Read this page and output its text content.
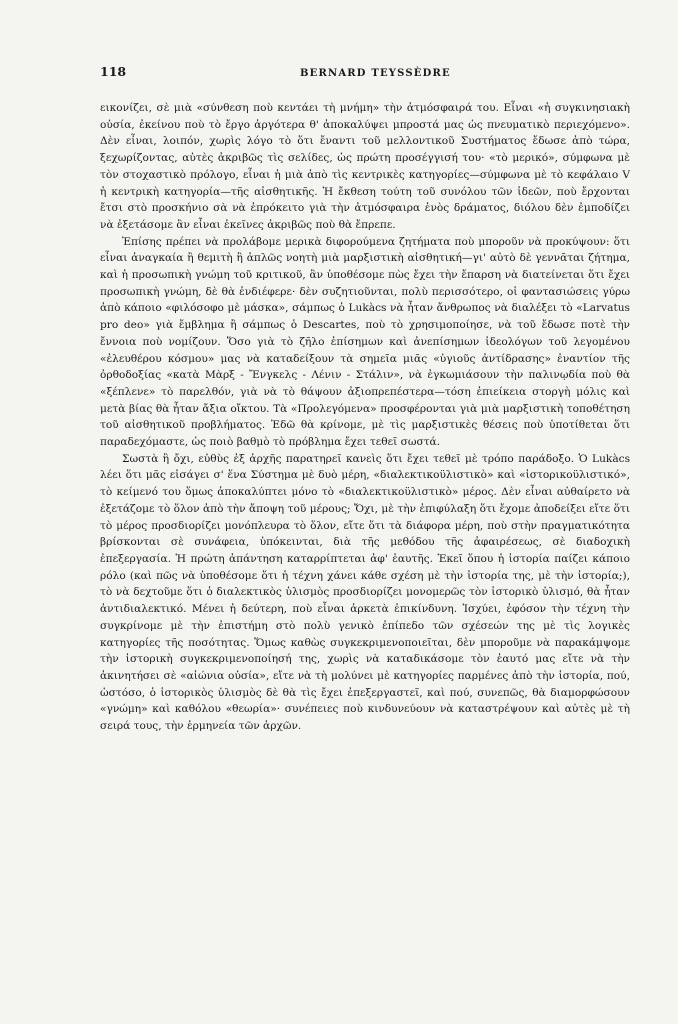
118	BERNARD TEYSSÈDRE

εικονίζει, σὲ μιὰ «σύνθεση ποὺ κεντάει τὴ μνήμη» τὴν ἀτμόσφαιρά του. Εἶναι «ἡ συγκινησιακὴ οὐσία, ἐκείνου ποὺ τὸ ἔργο ἀργότερα θ' ἀποκαλύψει μπροστά μας ὡς πνευματικὸ περιεχόμενο». Δὲν εἶναι, λοιπόν, χωρὶς λόγο τὸ ὅτι ἔναντι τοῦ μελλοντικοῦ Συστήματος ἔδωσε ἀπὸ τώρα, ξεχωρίζοντας, αὐτὲς ἀκριβῶς τὶς σελίδες, ὡς πρώτη προσέγγισή του· «τὸ μερικό», σύμφωνα μὲ τὸν στοχαστικὸ πρόλογο, εἶναι ἡ μιὰ ἀπὸ τὶς κεντρικὲς κατηγορίες—σύμφωνα μὲ τὸ κεφάλαιο V ἡ κεντρικὴ κατηγορία—τῆς αἰσθητικῆς. Ἡ ἔκθεση τούτη τοῦ συνόλου τῶν ἰδεῶν, ποὺ ἔρχονται ἔτσι στὸ προσκήνιο σὰ νὰ ἐπρόκειτο γιὰ τὴν ἀτμόσφαιρα ἑνὸς δράματος, διόλου δὲν ἐμποδίζει νὰ ἐξετάσομε ἂν εἶναι ἐκεῖνες ἀκριβῶς ποὺ θὰ ἔπρεπε.

Ἐπίσης πρέπει νὰ προλάβομε μερικὰ διφορούμενα ζητήματα ποὺ μποροῦν νὰ προκύψουν: ὅτι εἶναι ἀναγκαία ἢ θεμιτὴ ἢ ἁπλῶς νοητὴ μιὰ μαρξιστικὴ αἰσθητική—γι' αὐτὸ δὲ γεννᾶται ζήτημα, καὶ ἡ προσωπικὴ γνώμη τοῦ κριτικοῦ, ἂν ὑποθέσομε πὼς ἔχει τὴν ἔπαρση νὰ διατείνεται ὅτι ἔχει προσωπικὴ γνώμη, δὲ θὰ ἐνδιέφερε· δὲν συζητιοῦνται, πολὺ περισσότερο, οἱ φαντασιώσεις γύρω ἀπὸ κάποιο «φιλόσοφο μὲ μάσκα», σάμπως ὁ Lukàcs νὰ ἦταν ἄνθρωπος νὰ διαλέξει τὸ «Larvatus pro deo» γιὰ ἔμβλημα ἢ σάμπως ὁ Descartes, ποὺ τὸ χρησιμοποίησε, νὰ τοῦ ἔδωσε ποτὲ τὴν ἔννοια ποὺ νομίζουν. Ὅσο γιὰ τὸ ζῆλο ἐπίσημων καὶ ἀνεπίσημων ἰδεολόγων τοῦ λεγομένου «ἐλευθέρου κόσμου» μας νὰ καταδείξουν τὰ σημεῖα μιᾶς «ὑγιοῦς ἀντίδρασης» ἐναντίον τῆς ὀρθοδοξίας «κατὰ Μὰρξ - Ἔνγκελς - Λένιν - Στάλιν», νὰ ἐγκωμιάσουν τὴν παλινῳδία ποὺ θὰ «ξέπλενε» τὸ παρελθόν, γιὰ νὰ τὸ θάψουν ἀξιοπρεπέστερα—τόση ἐπιείκεια στοργὴ μόλις καὶ μετὰ βίας θὰ ἦταν ἄξια οἴκτου. Τὰ «Προλεγόμενα» προσφέρονται γιὰ μιὰ μαρξιστικὴ τοποθέτηση τοῦ αἰσθητικοῦ προβλήματος. Ἐδῶ θὰ κρίνομε, μὲ τὶς μαρξιστικὲς θέσεις ποὺ ὑποτίθεται ὅτι παραδεχόμαστε, ὡς ποιὸ βαθμὸ τὸ πρόβλημα ἔχει τεθεῖ σωστά.

Σωστὰ ἢ ὄχι, εὐθὺς ἐξ ἀρχῆς παρατηρεῖ κανεὶς ὅτι ἔχει τεθεῖ μὲ τρόπο παράδοξο. Ὁ Lukàcs λέει ὅτι μᾶς εἰσάγει σ' ἕνα Σύστημα μὲ δυὸ μέρη, «διαλεκτικοϋλιστικὸ» καὶ «ἱστορικοϋλιστικό», τὸ κείμενό του ὅμως ἀποκαλύπτει μόνο τὸ «διαλεκτικοϋλιστικὸ» μέρος. Δὲν εἶναι αὐθαίρετο νὰ ἐξετάζομε τὸ ὅλον ἀπὸ τὴν ἄποψη τοῦ μέρους; Ὄχι, μὲ τὴν ἐπιφύλαξη ὅτι ἔχομε ἀποδείξει εἴτε ὅτι τὸ μέρος προσδιορίζει μονόπλευρα τὸ ὅλον, εἴτε ὅτι τὰ διάφορα μέρη, ποὺ στὴν πραγματικότητα βρίσκονται σὲ συνάφεια, ὑπόκεινται, διὰ τῆς μεθόδου τῆς ἀφαιρέσεως, σὲ διαδοχικὴ ἐπεξεργασία. Ἡ πρώτη ἀπάντηση καταρρίπτεται ἀφ' ἑαυτῆς. Ἐκεῖ ὅπου ἡ ἱστορία παίζει κάποιο ρόλο (καὶ πῶς νὰ ὑποθέσομε ὅτι ἡ τέχνη χάνει κάθε σχέση μὲ τὴν ἱστορία της, μὲ τὴν ἱστορία;), τὸ νὰ δεχτοῦμε ὅτι ὁ διαλεκτικὸς ὑλισμὸς προσδιορίζει μονομερῶς τὸν ἱστορικὸ ὑλισμό, θὰ ἦταν ἀντιδιαλεκτικό. Μένει ἡ δεύτερη, ποὺ εἶναι ἀρκετὰ ἐπικίνδυνη. Ἰσχύει, ἐφόσον τὴν τέχνη τὴν συγκρίνομε μὲ τὴν ἐπιστήμη στὸ πολὺ γενικὸ ἐπίπεδο τῶν σχέσεών της μὲ τὶς λογικὲς κατηγορίες τῆς ποσότητας. Ὅμως καθὼς συγκεκριμενοποιεῖται, δὲν μποροῦμε νὰ παρακάμψομε τὴν ἱστορικὴ συγκεκριμενοποίησή της, χωρὶς νὰ καταδικάσομε τὸν ἑαυτό μας εἴτε νὰ τὴν ἀκινητήσει σὲ «αἰώνια οὐσία», εἴτε νὰ τὴ μολύνει μὲ κατηγορίες παρμένες ἀπὸ τὴν ἱστορία, πού, ὡστόσο, ὁ ἱστορικὸς ὑλισμὸς δὲ θὰ τὶς ἔχει ἐπεξεργαστεῖ, καὶ πού, συνεπῶς, θὰ διαμορφώσουν «γνώμη» καὶ καθόλου «θεωρία»· συνέπειες ποὺ κινδυνεύουν νὰ καταστρέψουν καὶ αὐτὲς μὲ τὴ σειρά τους, τὴν ἑρμηνεία τῶν ἀρχῶν.
